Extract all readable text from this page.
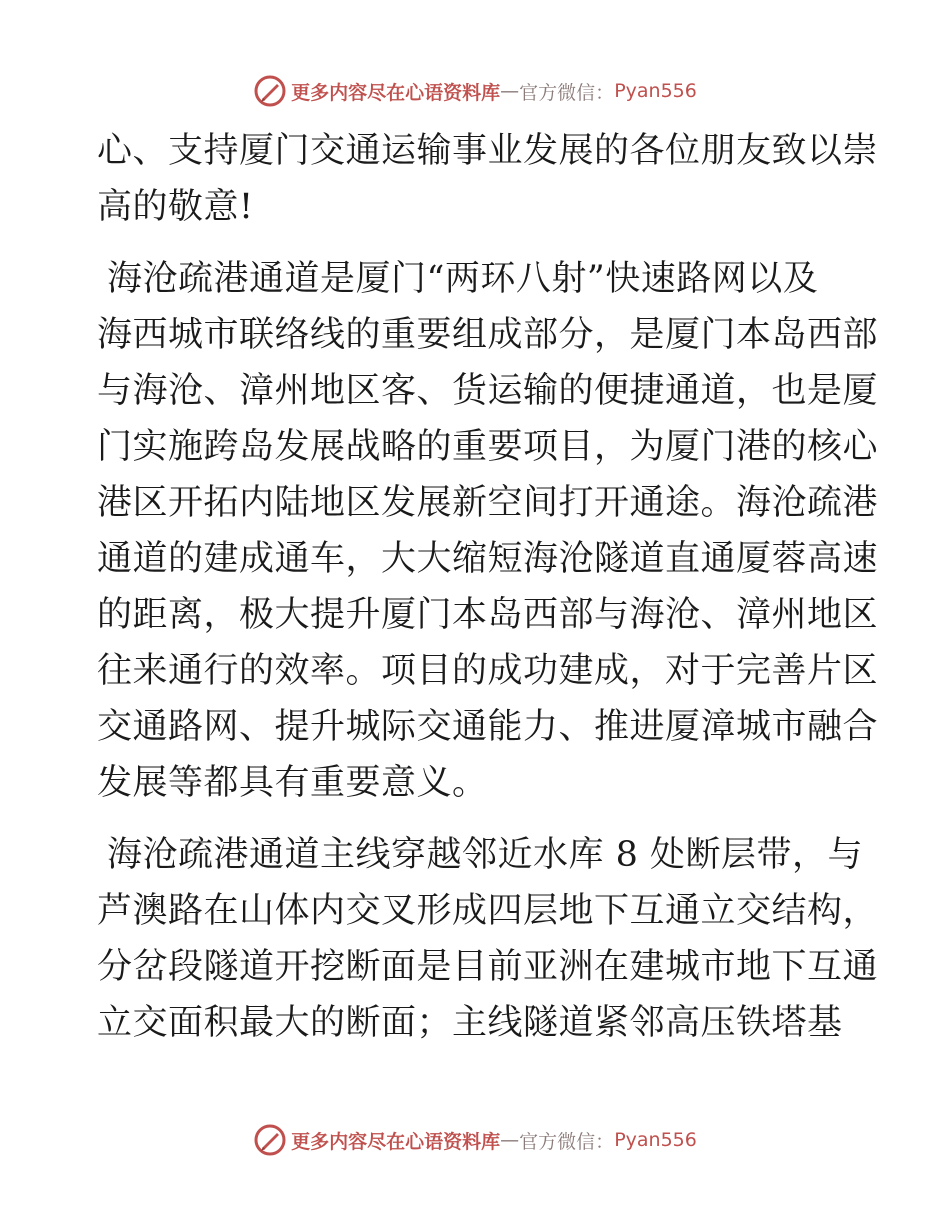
更多内容尽在心语资料库 — 官方微信： Pyan556

心、支持厦门交通运输事业发展的各位朋友致以崇
高的敬意!

海沧疏港通道是厦门“两环八射”快速路网以及
海西城市联络线的重要组成部分，是厦门本岛西部
与海沧、漳州地区客、货运输的便捷通道，也是厦
门实施跨岛发展战略的重要项目，为厦门港的核心
港区开拓内陆地区发展新空间打开通途。海沧疏港
通道的建成通车，大大缩短海沧隧道直通厦蓉高速
的距离，极大提升厦门本岛西部与海沧、漳州地区
往来通行的效率。项目的成功建成，对于完善片区
交通路网、提升城际交通能力、推进厦漳城市融合
发展等都具有重要意义。

海沧疏港通道主线穿越邻近水库 8 处断层带，与
芦澳路在山体内交叉形成四层地下互通立交结构，
分岔段隧道开挖断面是目前亚洲在建城市地下互通
立交面积最大的断面；主线隧道紧邻高压铁塔基

更多内容尽在心语资料库 — 官方微信： Pyan556
